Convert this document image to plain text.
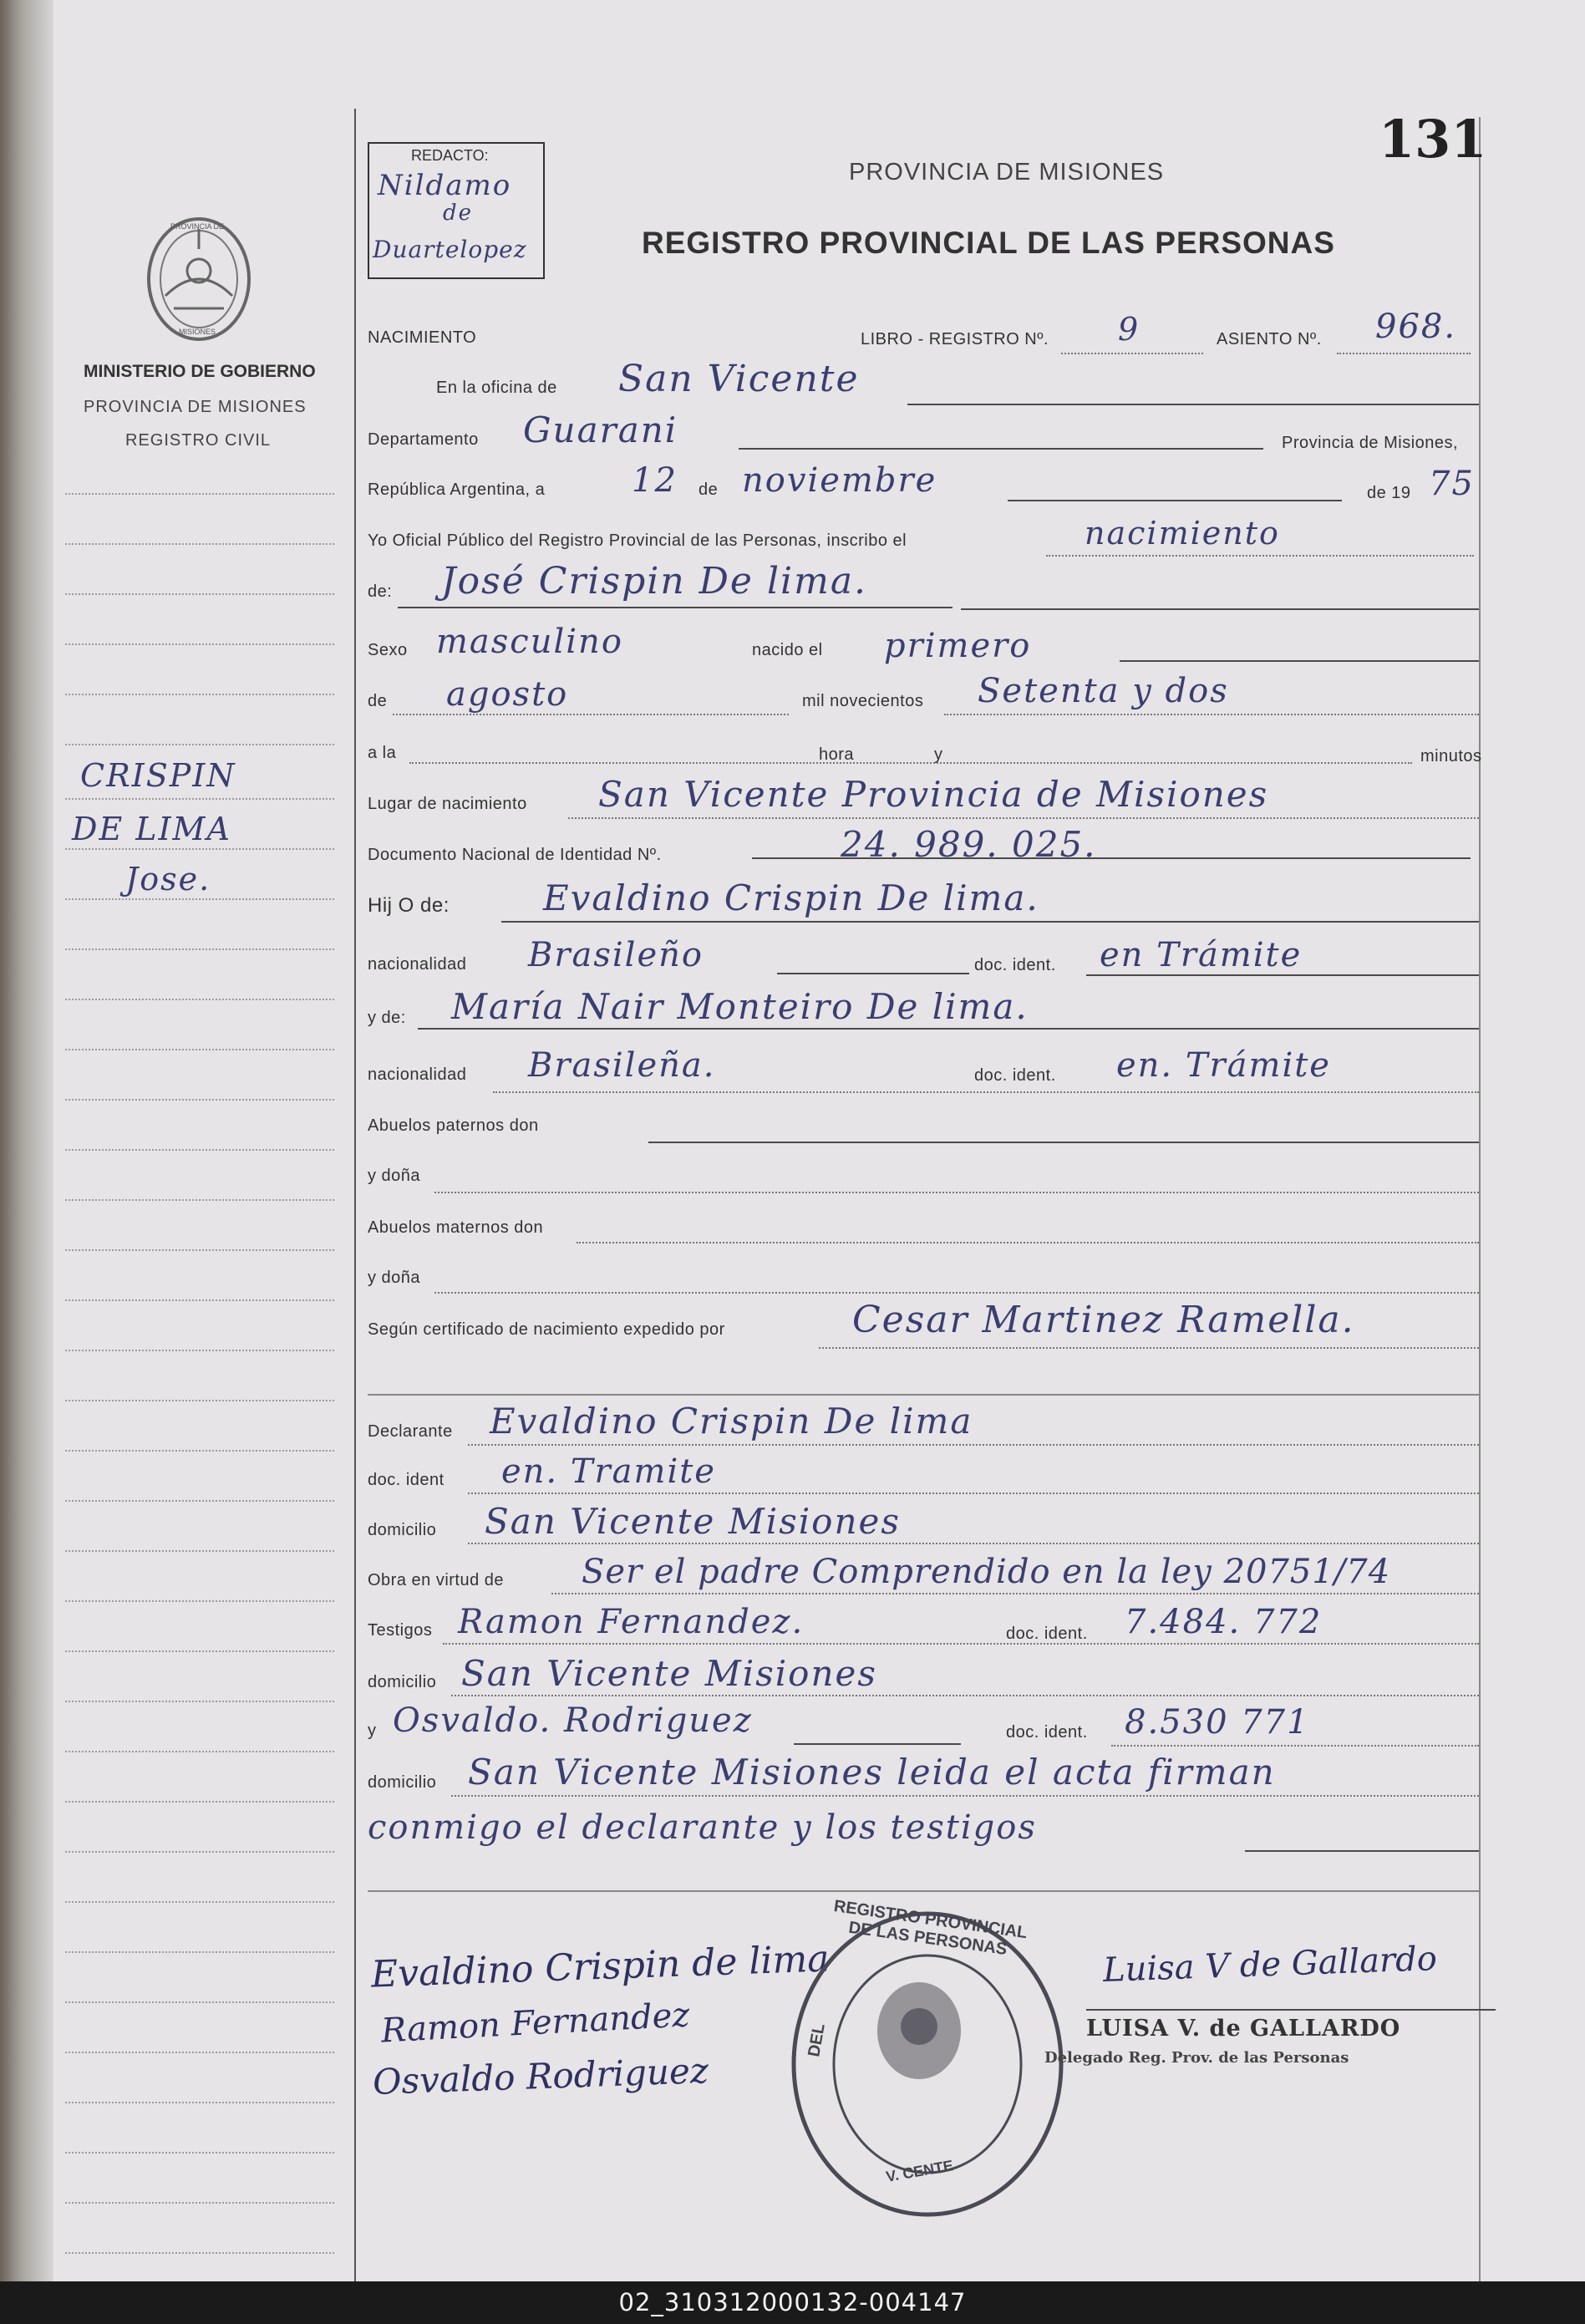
131
REDACTO:
Nildamo
de
Duartelopez
PROVINCIA DE MISIONES
REGISTRO PROVINCIAL DE LAS PERSONAS
PROVINCIA DE
MISIONES
MINISTERIO DE GOBIERNO
PROVINCIA DE MISIONES
REGISTRO CIVIL
CRISPIN
DE LIMA
Jose.
NACIMIENTO	LIBRO - REGISTRO Nº. 9	ASIENTO Nº. 968.
En la oficina de San Vicente
Departamento Guarani	Provincia de Misiones,
República Argentina, a	12 de noviembre	de 19 75
Yo Oficial Público del Registro Provincial de las Personas, inscribo el	nacimiento
de: José Crispin De lima.
Sexo masculino	nacido el primero
de agosto	mil novecientos Setenta y dos
a la	hora	y	minutos
Lugar de nacimiento San Vicente Provincia de Misiones
Documento Nacional de Identidad Nº.	24. 989. 025.
Hij O de:	Evaldino Crispin De lima.
nacionalidad Brasileño	doc. ident. en Trámite
y de: María Nair Monteiro De lima.
nacionalidad Brasileña.	doc. ident. en. Trámite
Abuelos paternos don
y doña
Abuelos maternos don
y doña
Según certificado de nacimiento expedido por	Cesar Martinez Ramella.
Declarante Evaldino Crispin De lima
doc. ident en. Tramite
domicilio San Vicente Misiones
Obra en virtud de Ser el padre Comprendido en la ley 20751/74
Testigos Ramon Fernandez.	doc. ident. 7.484. 772
domicilio San Vicente Misiones
y Osvaldo. Rodriguez	doc. ident. 8.530 771
domicilio San Vicente Misiones leida el acta firman
conmigo el declarante y los testigos
Evaldino Crispin de lima
Ramon Fernandez
Osvaldo Rodriguez
REGISTRO PROVINCIAL DE LAS PERSONAS
DEL
V. CENTE
Luisa V de Gallardo
LUISA V. de GALLARDO
Delegado Reg. Prov. de las Personas
02_310312000132-004147
